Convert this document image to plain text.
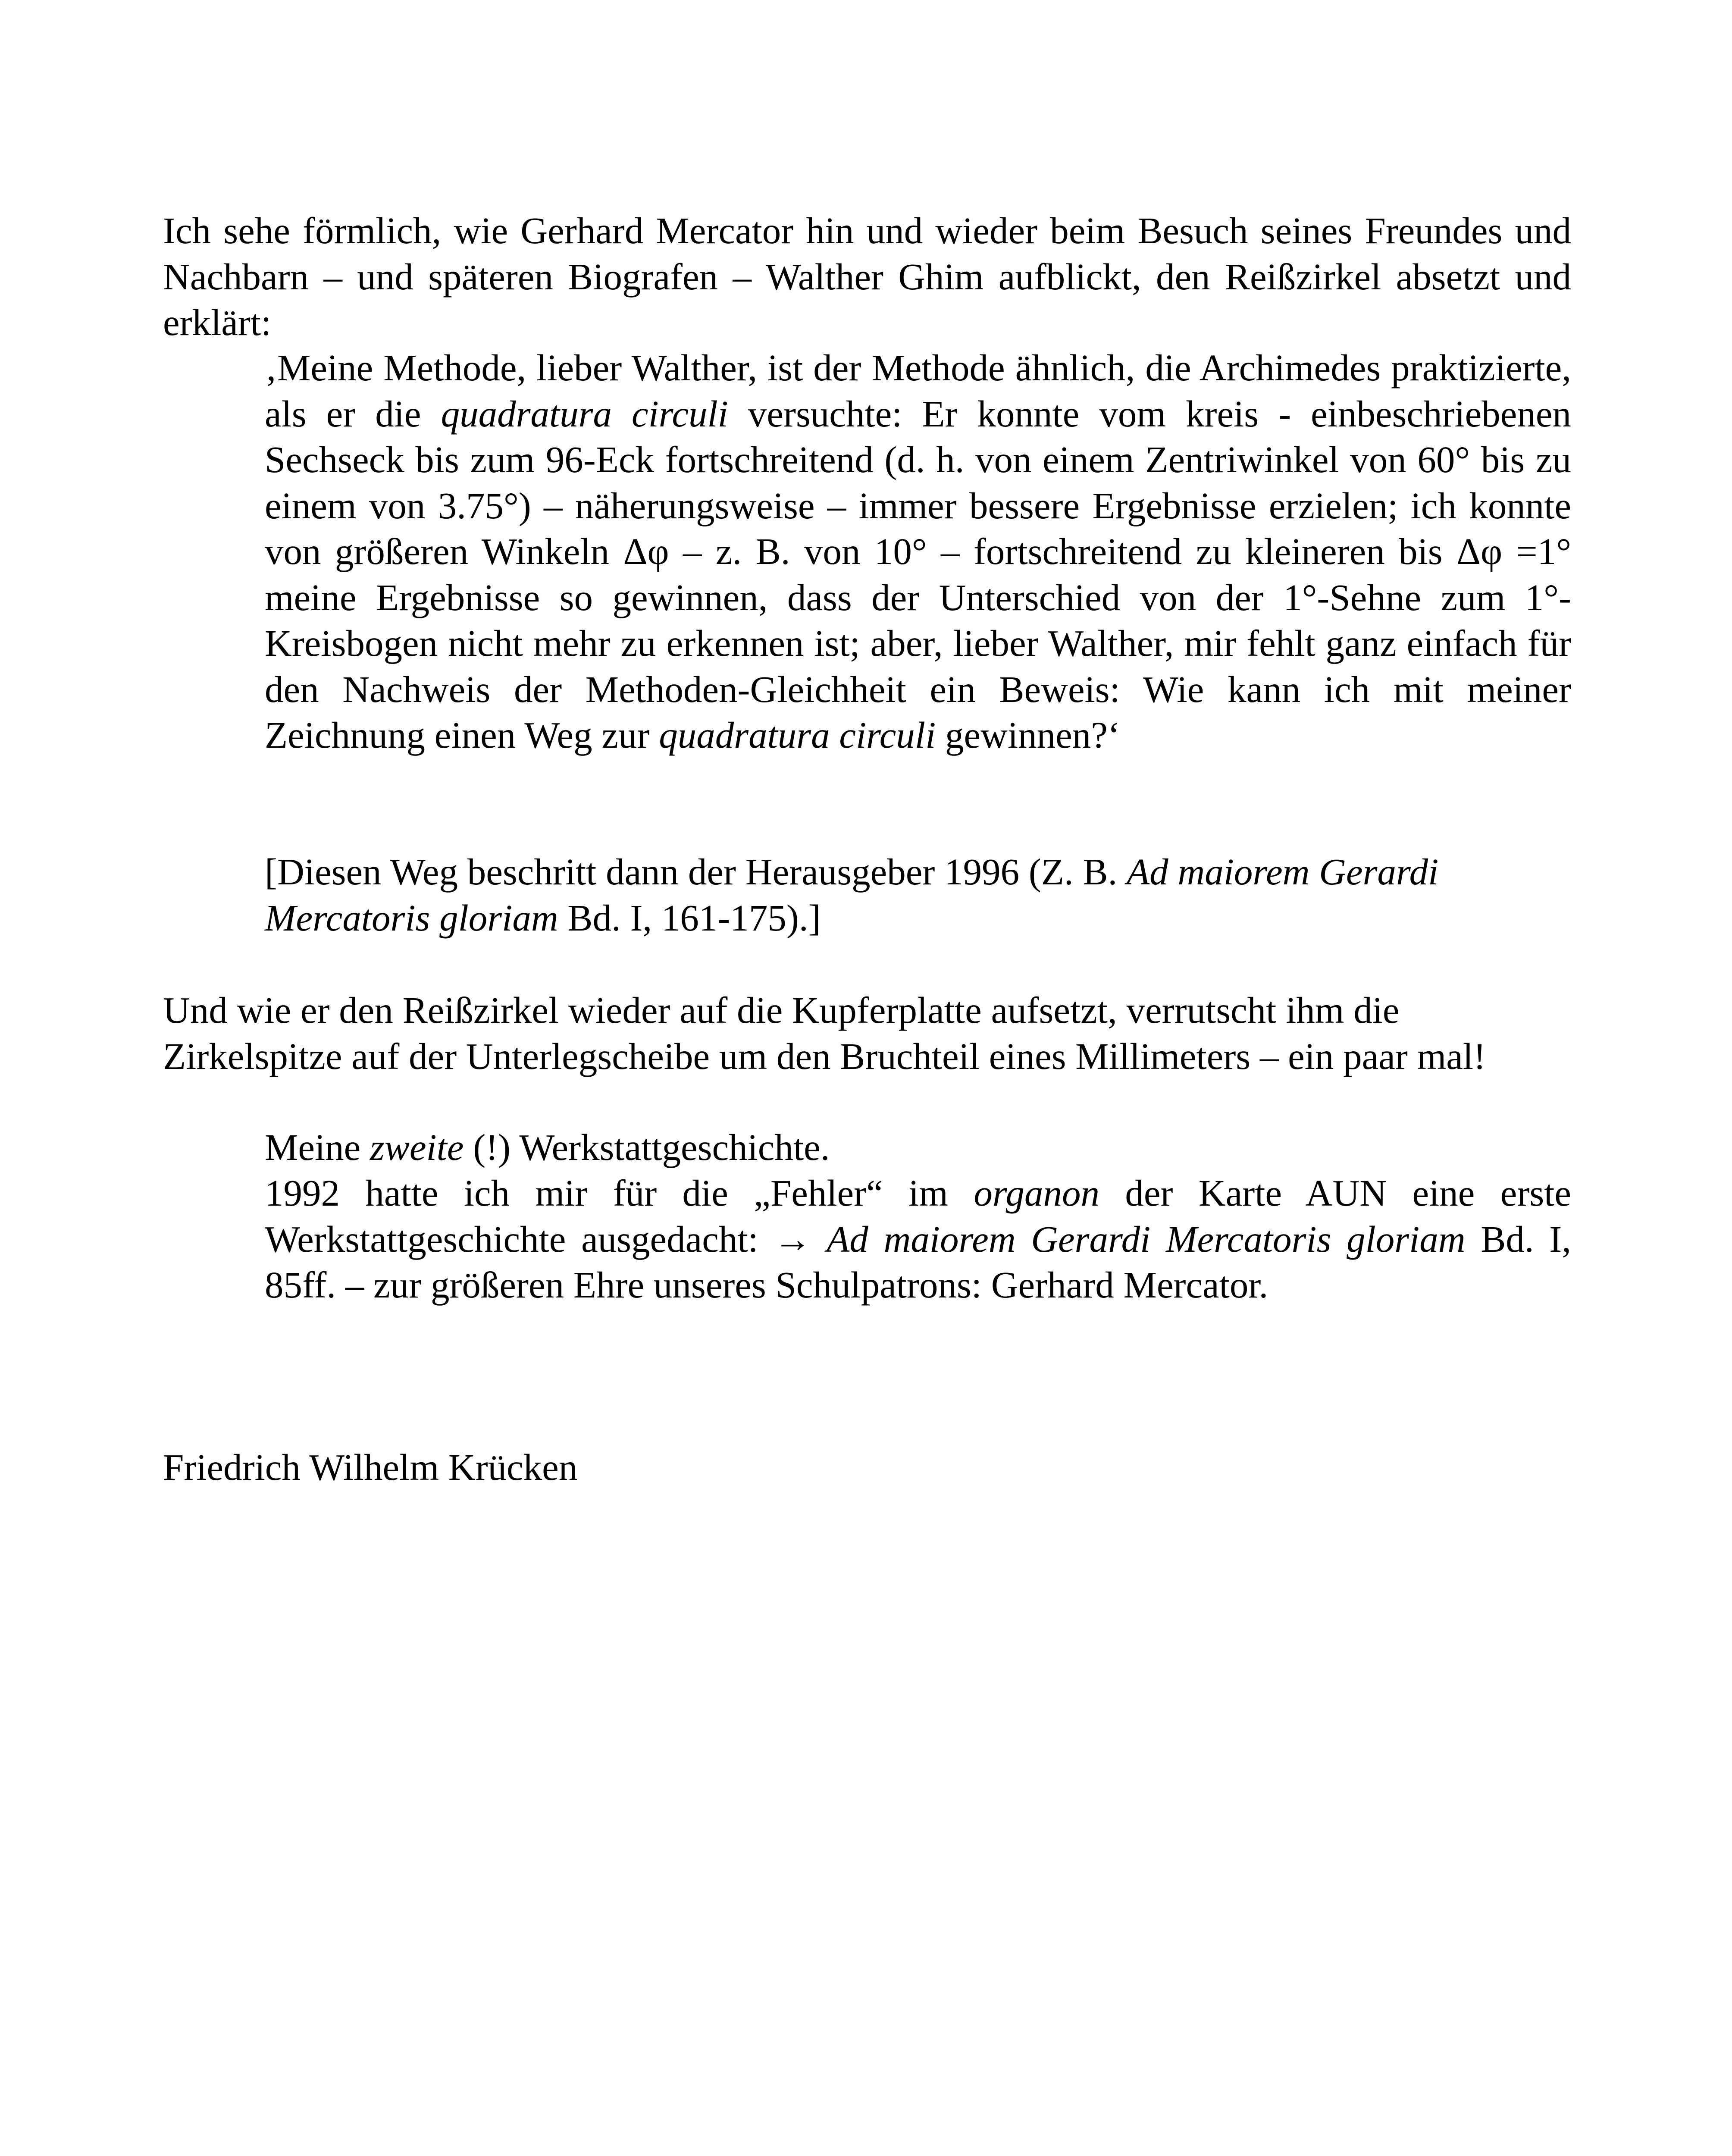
Ich sehe förmlich, wie Gerhard Mercator hin und wieder beim Besuch seines Freundes und Nachbarn – und späteren Biografen – Walther Ghim aufblickt, den Reißzirkel absetzt und erklärt:

‚Meine Methode, lieber Walther, ist der Methode ähnlich, die Archimedes praktizierte, als er die quadratura circuli versuchte: Er konnte vom kreis - einbeschriebenen Sechseck bis zum 96-Eck fortschreitend (d. h. von einem Zentriwinkel von 60° bis zu einem von 3.75°) – näherungsweise – immer bessere Ergebnisse erzielen; ich konnte von größeren Winkeln Δφ – z. B. von 10° – fortschreitend zu kleineren bis Δφ =1° meine Ergebnisse so gewinnen, dass der Unterschied von der 1°-Sehne zum 1°-Kreisbogen nicht mehr zu erkennen ist; aber, lieber Walther, mir fehlt ganz einfach für den Nachweis der Methoden-Gleichheit ein Beweis: Wie kann ich mit meiner Zeichnung einen Weg zur quadratura circuli gewinnen?‘

[Diesen Weg beschritt dann der Herausgeber 1996 (Z. B. Ad maiorem Gerardi Mercatoris gloriam Bd. I, 161-175).]

Und wie er den Reißzirkel wieder auf die Kupferplatte aufsetzt, verrutscht ihm die Zirkelspitze auf der Unterlegscheibe um den Bruchteil eines Millimeters – ein paar mal!

Meine zweite (!) Werkstattgeschichte.

1992 hatte ich mir für die „Fehler“ im organon der Karte AUN eine erste Werkstattgeschichte ausgedacht: → Ad maiorem Gerardi Mercatoris gloriam Bd. I, 85ff. – zur größeren Ehre unseres Schulpatrons: Gerhard Mercator.

Friedrich Wilhelm Krücken
